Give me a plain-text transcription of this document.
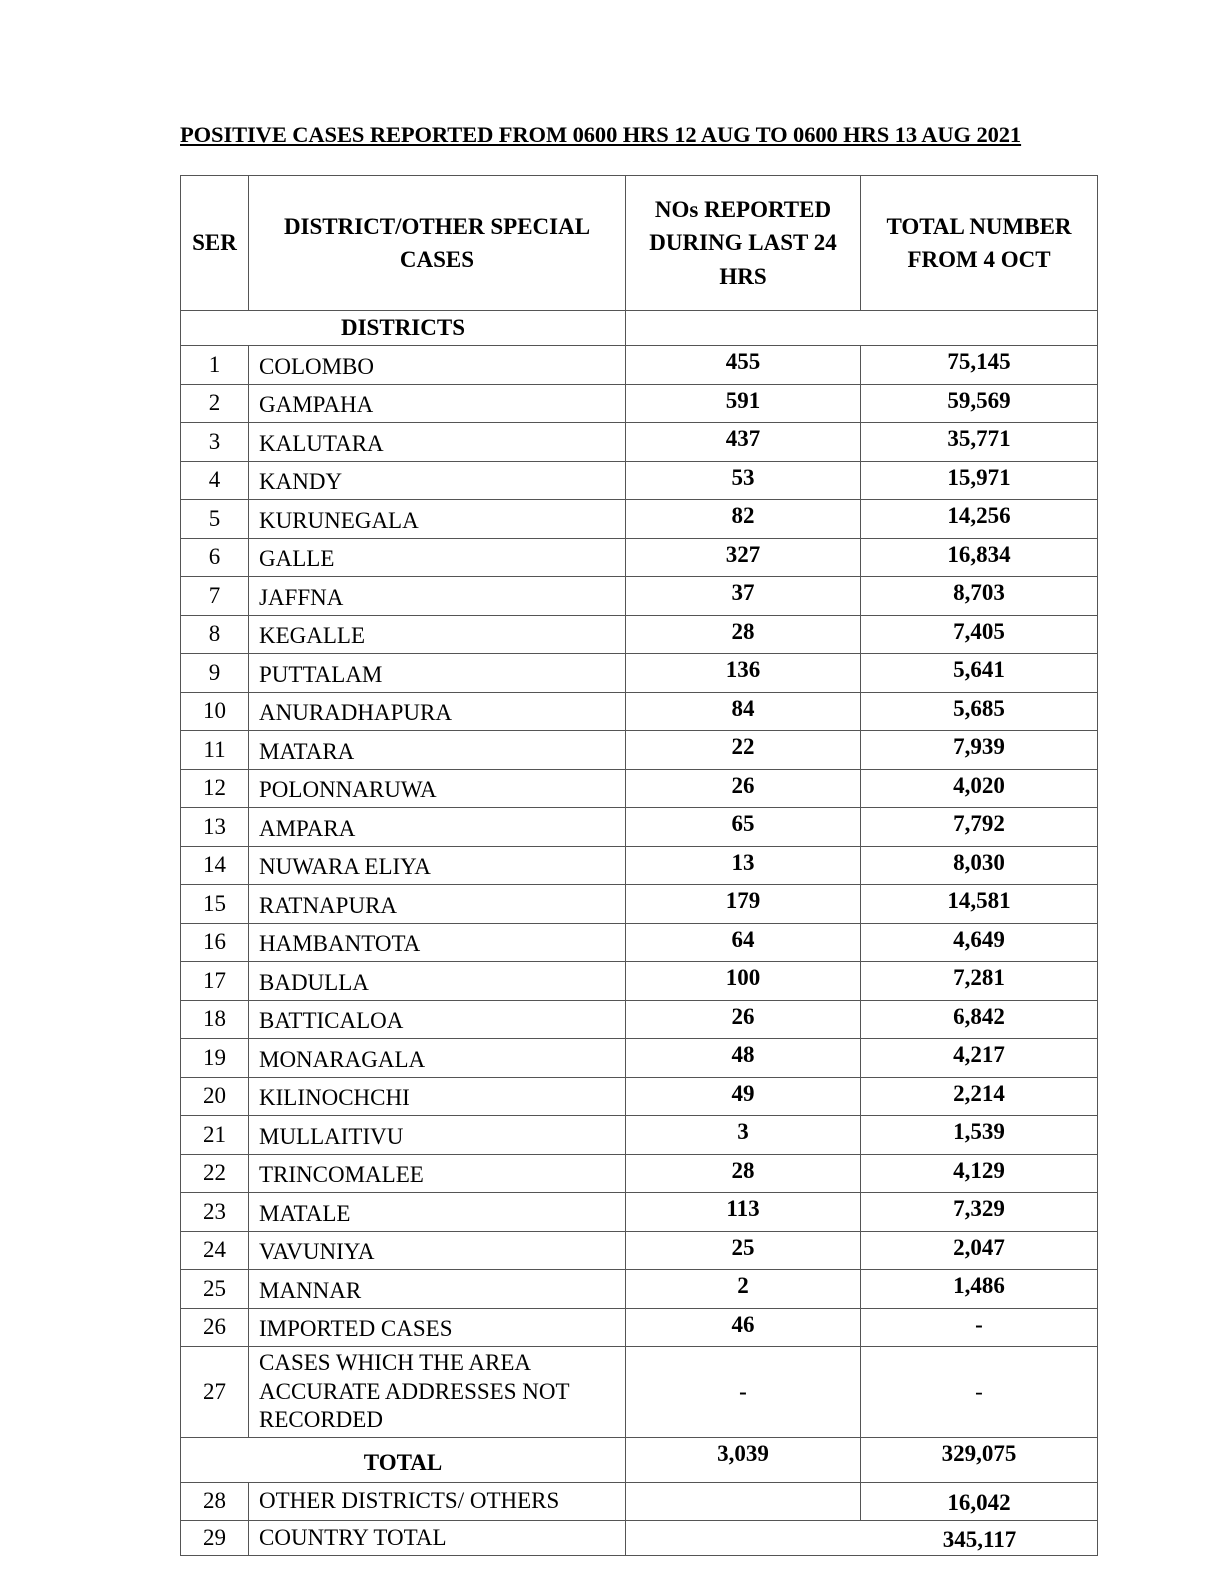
POSITIVE CASES REPORTED FROM 0600 HRS 12 AUG TO 0600 HRS 13 AUG 2021
SER	DISTRICT/OTHER SPECIAL CASES	NOs REPORTED DURING LAST 24 HRS	TOTAL NUMBER FROM 4 OCT
DISTRICTS			
1	COLOMBO	455	75,145
2	GAMPAHA	591	59,569
3	KALUTARA	437	35,771
4	KANDY	53	15,971
5	KURUNEGALA	82	14,256
6	GALLE	327	16,834
7	JAFFNA	37	8,703
8	KEGALLE	28	7,405
9	PUTTALAM	136	5,641
10	ANURADHAPURA	84	5,685
11	MATARA	22	7,939
12	POLONNARUWA	26	4,020
13	AMPARA	65	7,792
14	NUWARA ELIYA	13	8,030
15	RATNAPURA	179	14,581
16	HAMBANTOTA	64	4,649
17	BADULLA	100	7,281
18	BATTICALOA	26	6,842
19	MONARAGALA	48	4,217
20	KILINOCHCHI	49	2,214
21	MULLAITIVU	3	1,539
22	TRINCOMALEE	28	4,129
23	MATALE	113	7,329
24	VAVUNIYA	25	2,047
25	MANNAR	2	1,486
26	IMPORTED CASES	46	-
27	CASES WHICH THE AREA ACCURATE ADDRESSES NOT RECORDED	-	-
TOTAL		3,039	329,075
28	OTHER DISTRICTS/ OTHERS		16,042
29	COUNTRY TOTAL	345,117	
